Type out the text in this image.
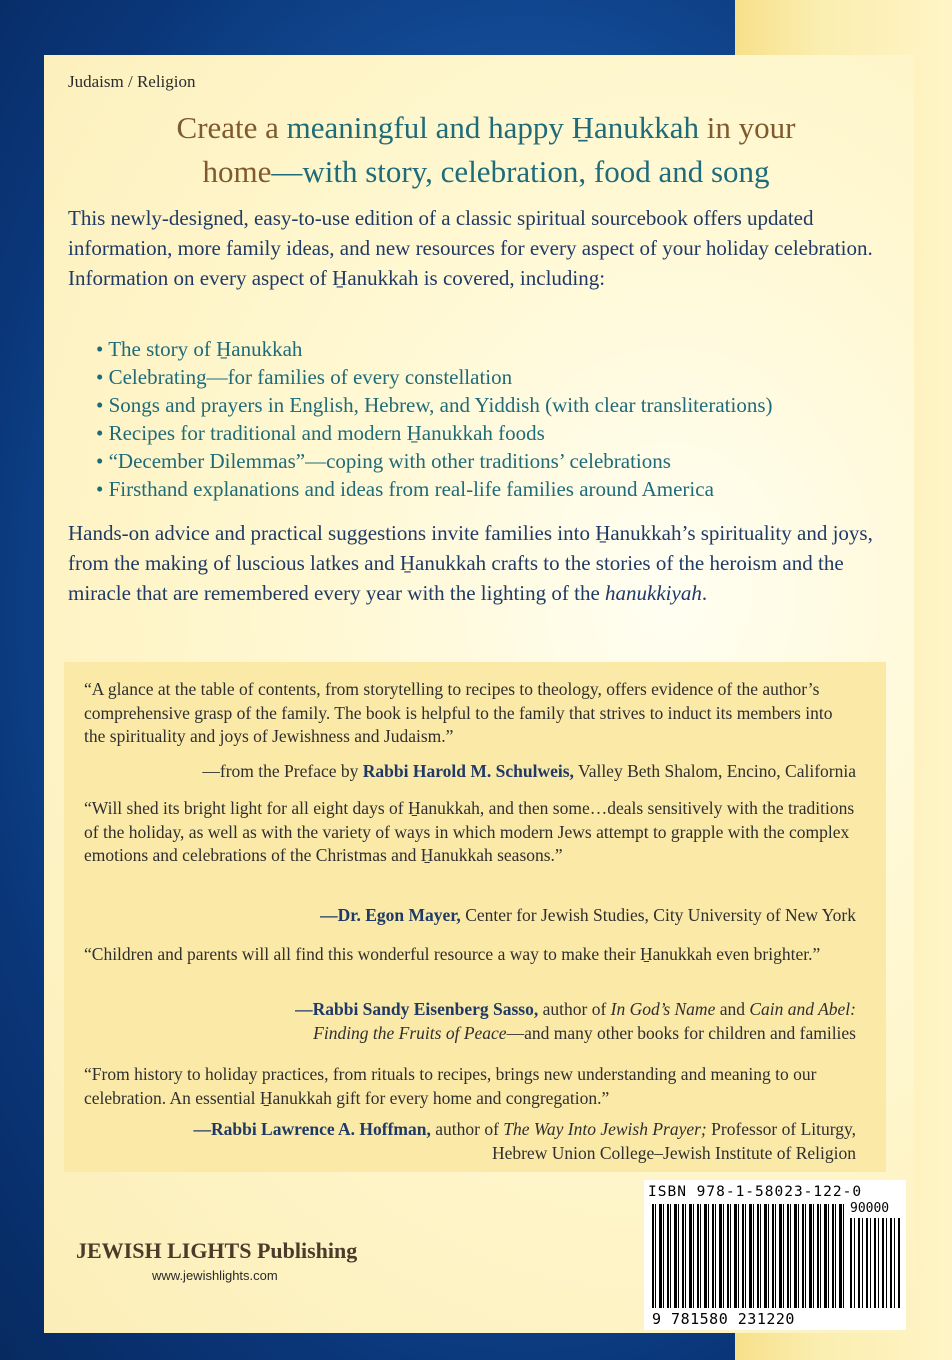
Judaism / Religion
Create a meaningful and happy H̱anukkah in your
home—with story, celebration, food and song
This newly-designed, easy-to-use edition of a classic spiritual sourcebook offers updated information, more family ideas, and new resources for every aspect of your holiday celebration. Information on every aspect of H̱anukkah is covered, including:
• The story of H̱anukkah
• Celebrating—for families of every constellation
• Songs and prayers in English, Hebrew, and Yiddish (with clear transliterations)
• Recipes for traditional and modern H̱anukkah foods
• “December Dilemmas”—coping with other traditions’ celebrations
• Firsthand explanations and ideas from real-life families around America
Hands-on advice and practical suggestions invite families into H̱anukkah’s spirituality and joys, from the making of luscious latkes and H̱anukkah crafts to the stories of the heroism and the miracle that are remembered every year with the lighting of the hanukkiyah.
“A glance at the table of contents, from storytelling to recipes to theology, offers evidence of the author’s comprehensive grasp of the family. The book is helpful to the family that strives to induct its members into the spirituality and joys of Jewishness and Judaism.”
—from the Preface by Rabbi Harold M. Schulweis, Valley Beth Shalom, Encino, California
“Will shed its bright light for all eight days of H̱anukkah, and then some…deals sensitively with the traditions of the holiday, as well as with the variety of ways in which modern Jews attempt to grapple with the complex emotions and celebrations of the Christmas and H̱anukkah seasons.”
—Dr. Egon Mayer, Center for Jewish Studies, City University of New York
“Children and parents will all find this wonderful resource a way to make their H̱anukkah even brighter.”
—Rabbi Sandy Eisenberg Sasso, author of In God’s Name and Cain and Abel:
Finding the Fruits of Peace—and many other books for children and families
“From history to holiday practices, from rituals to recipes, brings new understanding and meaning to our celebration. An essential H̱anukkah gift for every home and congregation.”
—Rabbi Lawrence A. Hoffman, author of The Way Into Jewish Prayer; Professor of Liturgy,
Hebrew Union College–Jewish Institute of Religion
JEWISH LIGHTS Publishing
www.jewishlights.com
ISBN 978-1-58023-122-0
90000
9 781580 231220
